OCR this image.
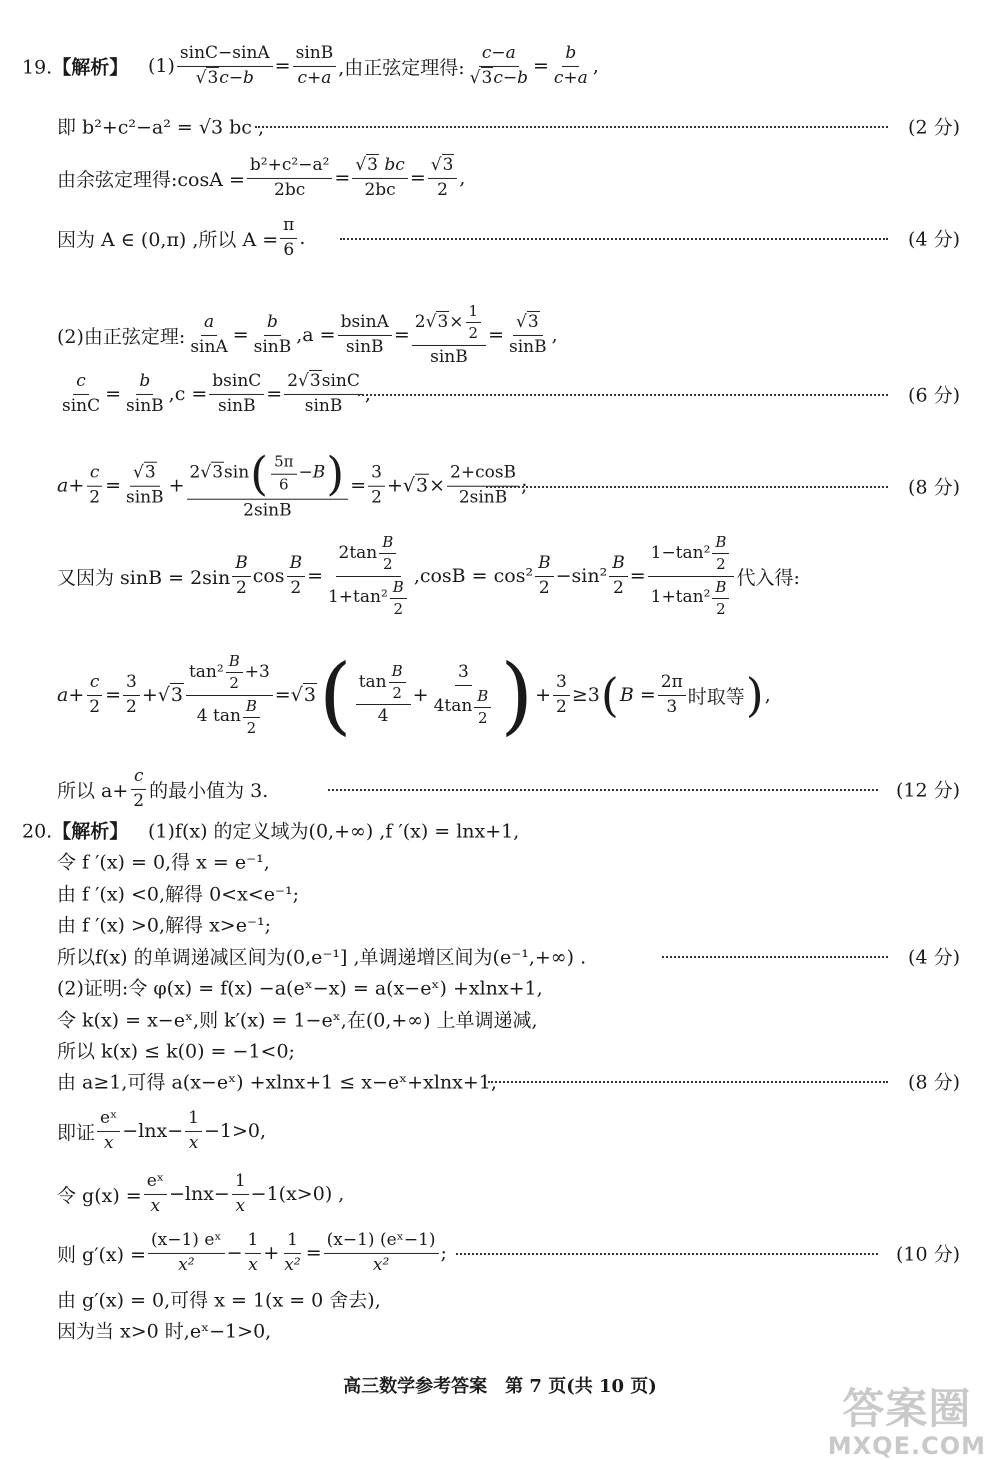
19.【解析】 $(1) \frac{\sin C-\sin A}{√3c-b} = \frac{\sin B}{c+a}$ ,由正弦定理得: $\frac{c-a}{√3c-b} = \frac{b}{c+a}$ ,
即 b²+c²−a² = √3 bc ,	(2 分)
由余弦定理得:cosA = $\frac{\text{b²+c²−a²}}{2bc} = \frac{√3 bc}{2bc} = \frac{√3}{2}$ ,
因为 A ∈ (0,π) ,所以 $A = \frac{\pi}{6}$ .	(4 分)
(2)由正弦定理: $\frac{a}{\sin A} = \frac{b}{\sin B} ,a = \frac{bsinA}{\sin B} = \frac{2 √3 \times \frac{1}{2}}{\sin B} = \frac{√3}{\sin B}$ ,
$\frac{c}{\sin C} = \frac{b}{\sin B} ,c = \frac{bsinC}{\sin B} = \frac{2√3\sin C}{\sin B}$ ,	(6 分)
$a+ \frac{c}{2} = \frac{√3}{\sin B} + \frac{2 √3 \sin ( \frac{5\pi}{6} -B )}{2\sin B} = \frac{3}{2} +√3\times \frac{2+\cos B}{2\sin B}$ ;	(8 分)
又因为 $\sin B = 2\sin \frac{B}{2}$ $\cos \frac{B}{2} = \frac{2\tan \frac{B}{2}}{1+\tan^2 \frac{B}{2}} ,\cos B = \cos^2 \frac{B}{2} -\sin^2 \frac{B}{2} = \frac{1-\tan^2 \frac{B}{2}}{1+\tan^2 \frac{B}{2}}$ 代入得:
$a+ \frac{c}{2} = \frac{3}{2} +√3 \frac{\tan^2 \frac{B}{2} +3}{4 \tan \frac{B}{2}} =√3$ ( $\frac{\tan \frac{B}{2}}{4} + \frac{3}{4\tan \frac{B}{2}}$ ) + $\frac{3}{2} \ge 3$ ( $B = \frac{2\pi}{3}$ 时取等 ) ,
所以 $a+ \frac{c}{2}$ 的最小值为 3.	(12 分)
20.【解析】 (1)f(x) 的定义域为(0,+∞) ,f ′(x) = lnx+1,
令 f ′(x) = 0,得 x = e⁻¹,
由 f ′(x) <0,解得 0<x<e⁻¹;
由 f ′(x) >0,解得 x>e⁻¹;
所以f(x) 的单调递减区间为(0,e⁻¹] ,单调递增区间为(e⁻¹,+∞) .	(4 分)
(2)证明:令 φ(x) = f(x) −a(eˣ−x) = a(x−eˣ) +xlnx+1,
令 k(x) = x−eˣ,则 k′(x) = 1−eˣ,在(0,+∞) 上单调递减,
所以 k(x) ≤ k(0) = −1<0;
由 a≥1,可得 a(x−eˣ) +xlnx+1 ≤ x−eˣ+xlnx+1,	(8 分)
即证 $\frac{\text{eˣ}}{x} -\ln x- \frac{1}{x} -1>0$,
令 $g(x) = \frac{\text{eˣ}}{x} -\ln x- \frac{1}{x} -1(x>0)$ ,
则 $g'(x) = \frac{\text{(x−1) eˣ}}{\text{x²}} - \frac{1}{x} + \frac{1}{\text{x²}} = \frac{\text{(x−1) (eˣ−1)}}{\text{x²}}$ ;	(10 分)
由 g′(x) = 0,可得 x = 1(x = 0 舍去),
因为当 x>0 时,eˣ−1>0,
高三数学参考答案　第 7 页(共 10 页)	答案圈
MXQE.COM
